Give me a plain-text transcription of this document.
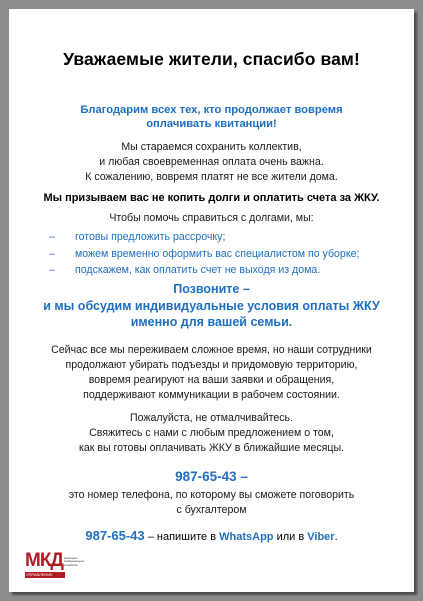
Уважаемые жители, спасибо вам!
Благодарим всех тех, кто продолжает вовремя
оплачивать квитанции!
Мы стараемся сохранить коллектив,
и любая своевременная оплата очень важна.
К сожалению, вовремя платят не все жители дома.
Мы призываем вас не копить долги и оплатить счета за ЖКУ.
Чтобы помочь справиться с долгами, мы:
–	готовы предложить рассрочку;
–	можем временно оформить вас специалистом по уборке;
–	подскажем, как оплатить счет не выходя из дома.
Позвоните –
и мы обсудим индивидуальные условия оплаты ЖКУ
именно для вашей семьи.
Сейчас все мы переживаем сложное время, но наши сотрудники
продолжают убирать подъезды и придомовую территорию,
вовремя реагируют на ваши заявки и обращения,
поддерживают коммуникации в рабочем состоянии.
Пожалуйста, не отмалчивайтесь.
Свяжитесь с нами с любым предложением о том,
как вы готовы оплачивать ЖКУ в ближайшие месяцы.
987-65-43 –
это номер телефона, по которому вы сможете поговорить
с бухгалтером
987-65-43 – напишите в WhatsApp или в Viber.
МКД
УПРАВЛЕНИЕ
жилищно-коммунальное хозяйство
